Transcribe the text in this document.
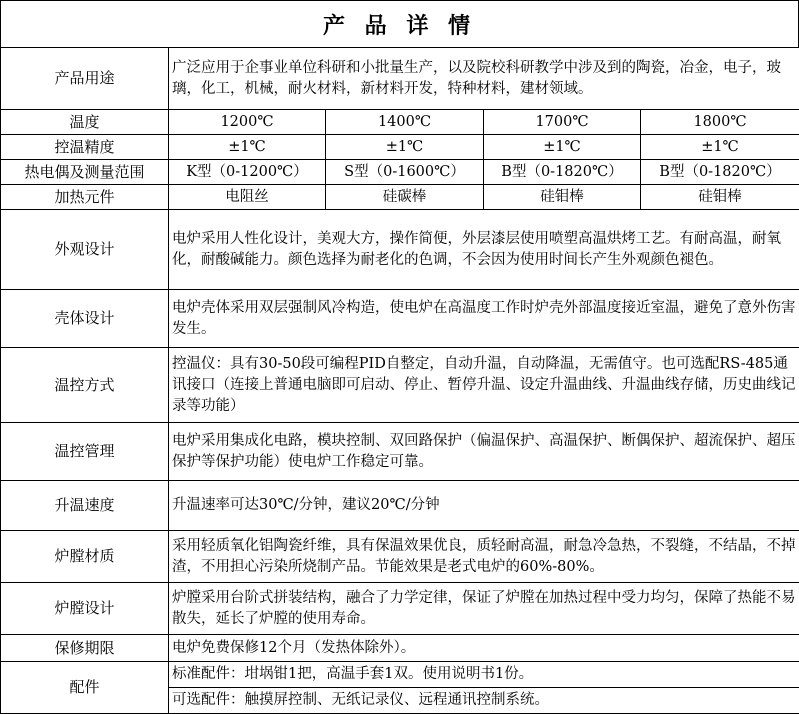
产 品 详 情
产品用途	广泛应用于企事业单位科研和小批量生产，以及院校科研教学中涉及到的陶瓷，冶金，电子，玻璃，化工，机械，耐火材料，新材料开发，特种材料，建材领域。			
温度	1200℃	1400℃	1700℃	1800℃
控温精度	±1℃	±1℃	±1℃	±1℃
热电偶及测量范围	K型（0-1200℃）	S型（0-1600℃）	B型（0-1820℃）	B型（0-1820℃）
加热元件	电阻丝	硅碳棒	硅钼棒	硅钼棒
外观设计	电炉采用人性化设计，美观大方，操作简便，外层漆层使用喷塑高温烘烤工艺。有耐高温，耐氧化，耐酸碱能力。颜色选择为耐老化的色调，不会因为使用时间长产生外观颜色褪色。			
壳体设计	电炉壳体采用双层强制风冷构造，使电炉在高温度工作时炉壳外部温度接近室温，避免了意外伤害发生。			
温控方式	控温仪：具有30-50段可编程PID自整定，自动升温，自动降温，无需值守。也可选配RS-485通讯接口（连接上普通电脑即可启动、停止、暂停升温、设定升温曲线、升温曲线存储，历史曲线记录等功能）			
温控管理	电炉采用集成化电路，模块控制、双回路保护（偏温保护、高温保护、断偶保护、超流保护、超压保护等保护功能）使电炉工作稳定可靠。			
升温速度	升温速率可达30℃/分钟，建议20℃/分钟			
炉膛材质	采用轻质氧化铝陶瓷纤维，具有保温效果优良，质轻耐高温，耐急冷急热，不裂缝，不结晶，不掉渣，不用担心污染所烧制产品。节能效果是老式电炉的60%-80%。			
炉膛设计	炉膛采用台阶式拼装结构，融合了力学定律，保证了炉膛在加热过程中受力均匀，保障了热能不易散失，延长了炉膛的使用寿命。			
保修期限	电炉免费保修12个月（发热体除外）。			
配件	标准配件：坩埚钳1把，高温手套1双。使用说明书1份。			
	可选配件：触摸屏控制、无纸记录仪、远程通讯控制系统。			
